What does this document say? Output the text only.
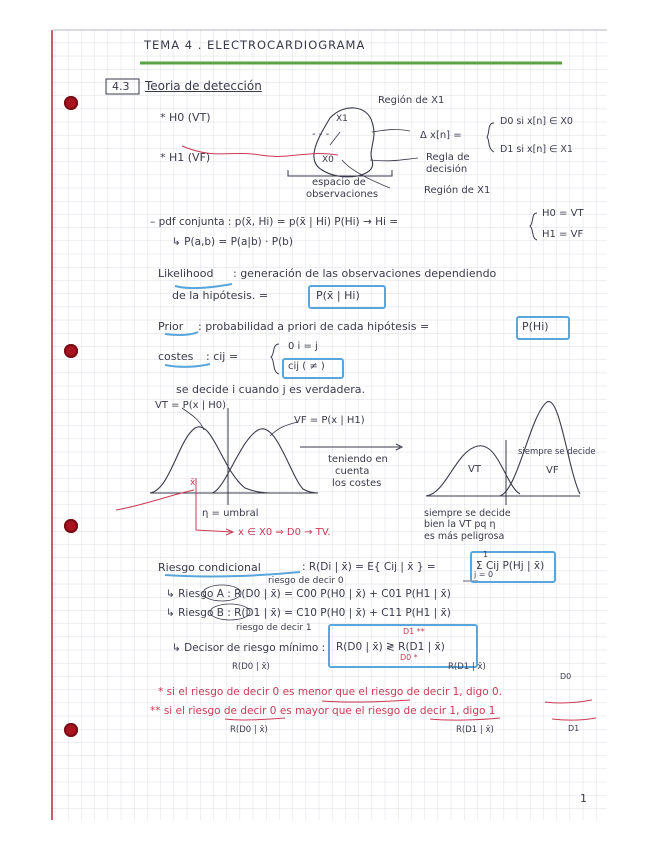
TEMA 4 . ELECTROCARDIOGRAMA
4.3 Teoria de detección
* H0 (VT)
* H1 (VF)
Región de X1
X1
X0
- - -	Δ x[n] =
D0 si x[n] ∈ X0
D1 si x[n] ∈ X1
Regla de
decisión
espacio de
observaciones	Región de X1
– pdf conjunta : p(x̄, Hi) = p(x̄ | Hi) P(Hi) → Hi =
H0 = VT
H1 = VF
↳ P(a,b) = P(a|b) · P(b)
Likelihood : generación de las observaciones dependiendo
de la hipótesis. =	P(x̄ | Hi)
Prior : probabilidad a priori de cada hipótesis =	P(Hi)
costes : cij =
0 i = j
cij ( ≠ )
se decide i cuando j es verdadera.
VT = P(x | H0)
VF = P(x | H1)
η = umbral
x̄
x ∈ X0 ⇒ D0 → TV.
teniendo en
cuenta
los costes
VT	VF
siempre se decide
siempre se decide
bien la VT pq η
es más peligrosa
Riesgo condicional	: R(Di | x̄) = E{ Cij | x̄ } =
1
Σ Cij P(Hj | x̄)
j = 0
riesgo de decir 0
↳ Riesgo A : R(D0 | x̄) = C00 P(H0 | x̄) + C01 P(H1 | x̄)
↳ Riesgo B : R(D1 | x̄) = C10 P(H0 | x̄) + C11 P(H1 | x̄)
riesgo de decir 1
↳ Decisor de riesgo mínimo :
D1 **
R(D0 | x̄) ≷ R(D1 | x̄)
D0 *
R(D0 | x̄)	R(D1 | x̄)
* si el riesgo de decir 0 es menor que el riesgo de decir 1, digo 0.
** si el riesgo de decir 0 es mayor que el riesgo de decir 1, digo 1
D0
D1
R(D0 | x̄)	R(D1 | x̄)
1
